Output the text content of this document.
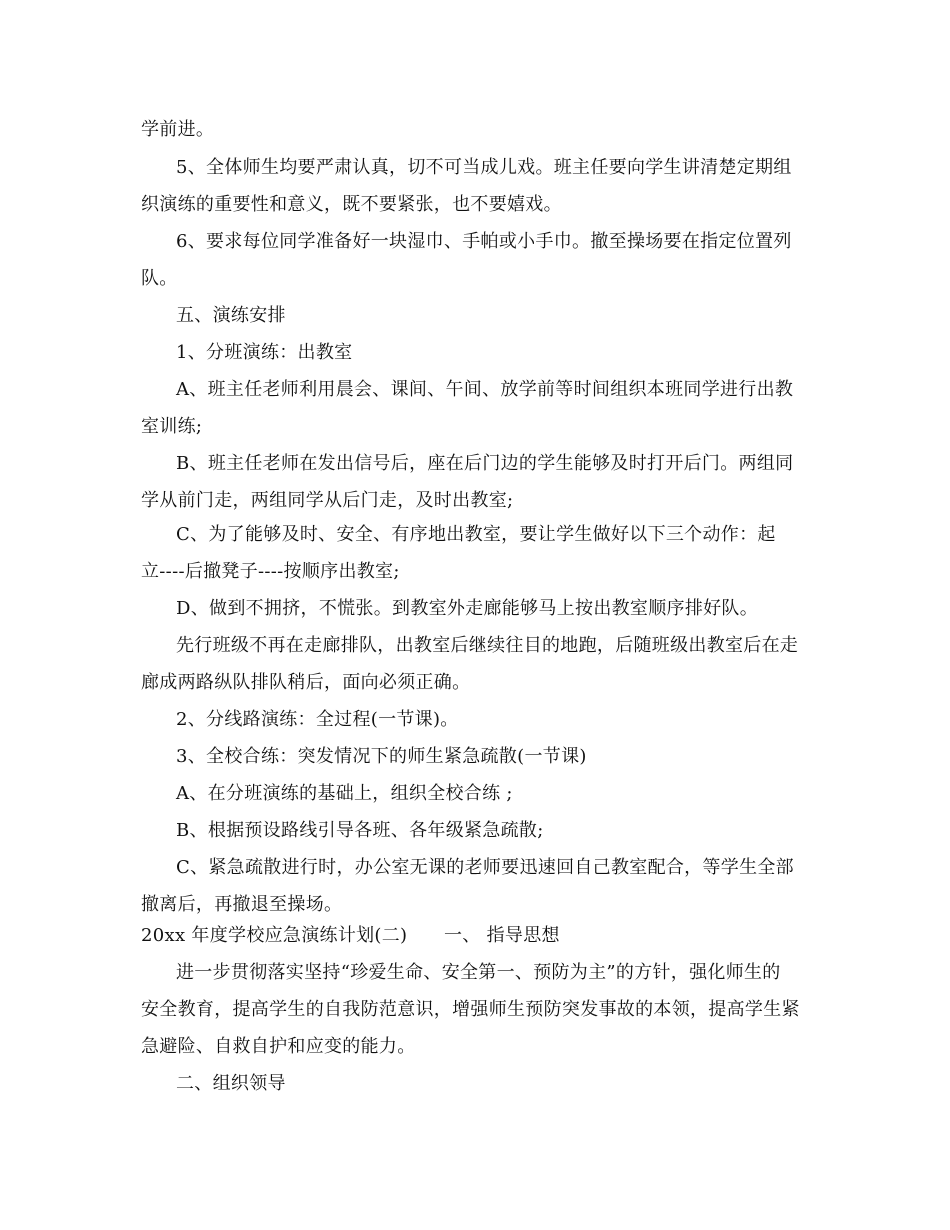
学前进。
5、全体师生均要严肃认真，切不可当成儿戏。班主任要向学生讲清楚定期组
织演练的重要性和意义，既不要紧张，也不要嬉戏。
6、要求每位同学准备好一块湿巾、手帕或小手巾。撤至操场要在指定位置列
队。
五、演练安排
1、分班演练：出教室
A、班主任老师利用晨会、课间、午间、放学前等时间组织本班同学进行出教
室训练;
B、班主任老师在发出信号后，座在后门边的学生能够及时打开后门。两组同
学从前门走，两组同学从后门走，及时出教室;
C、为了能够及时、安全、有序地出教室，要让学生做好以下三个动作：起
立----后撤凳子----按顺序出教室;
D、做到不拥挤，不慌张。到教室外走廊能够马上按出教室顺序排好队。
先行班级不再在走廊排队，出教室后继续往目的地跑，后随班级出教室后在走
廊成两路纵队排队稍后，面向必须正确。
2、分线路演练：全过程(一节课)。
3、全校合练：突发情况下的师生紧急疏散(一节课)
A、在分班演练的基础上，组织全校合练 ;
B、根据预设路线引导各班、各年级紧急疏散;
C、紧急疏散进行时，办公室无课的老师要迅速回自己教室配合，等学生全部
撤离后，再撤退至操场。
20xx 年度学校应急演练计划(二)　　一、 指导思想
进一步贯彻落实坚持“珍爱生命、安全第一、预防为主”的方针，强化师生的
安全教育，提高学生的自我防范意识，增强师生预防突发事故的本领，提高学生紧
急避险、自救自护和应变的能力。
二、组织领导
